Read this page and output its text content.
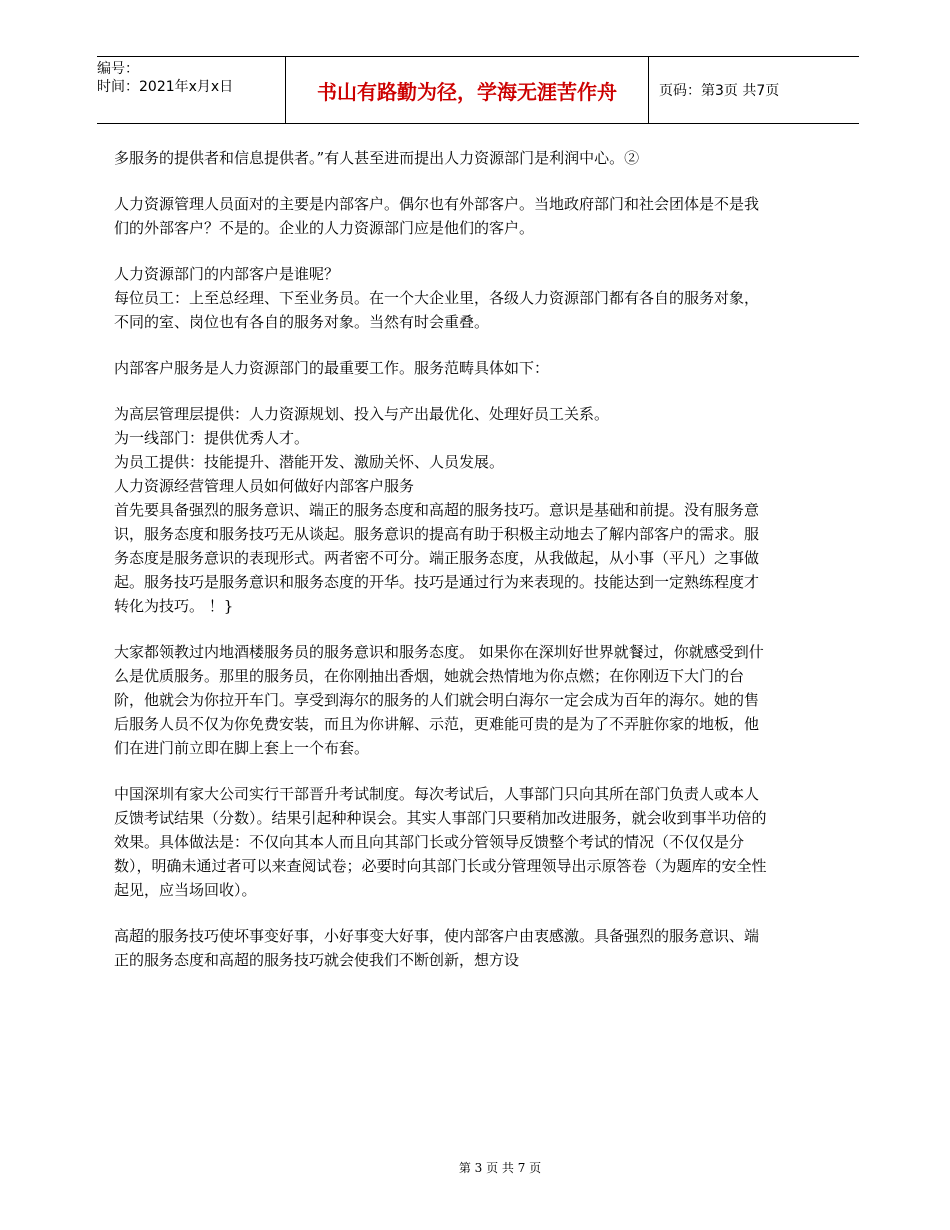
编号：
时间：2021年x月x日	书山有路勤为径，学海无涯苦作舟	页码：第3页 共7页

多服务的提供者和信息提供者。”有人甚至进而提出人力资源部门是利润中心。②

人力资源管理人员面对的主要是内部客户。偶尔也有外部客户。当地政府部门和社会团体是不是我们的外部客户？不是的。企业的人力资源部门应是他们的客户。

人力资源部门的内部客户是谁呢？

每位员工：上至总经理、下至业务员。在一个大企业里，各级人力资源部门都有各自的服务对象，不同的室、岗位也有各自的服务对象。当然有时会重叠。

内部客户服务是人力资源部门的最重要工作。服务范畴具体如下：

为高层管理层提供：人力资源规划、投入与产出最优化、处理好员工关系。

为一线部门：提供优秀人才。

为员工提供：技能提升、潜能开发、激励关怀、人员发展。

人力资源经营管理人员如何做好内部客户服务

首先要具备强烈的服务意识、端正的服务态度和高超的服务技巧。意识是基础和前提。没有服务意识，服务态度和服务技巧无从谈起。服务意识的提高有助于积极主动地去了解内部客户的需求。服务态度是服务意识的表现形式。两者密不可分。端正服务态度，从我做起，从小事（平凡）之事做起。服务技巧是服务意识和服务态度的开华。技巧是通过行为来表现的。技能达到一定熟练程度才转化为技巧。 ！}

大家都领教过内地酒楼服务员的服务意识和服务态度。 如果你在深圳好世界就餐过，你就感受到什么是优质服务。那里的服务员，在你刚抽出香烟，她就会热情地为你点燃；在你刚迈下大门的台阶，他就会为你拉开车门。享受到海尔的服务的人们就会明白海尔一定会成为百年的海尔。她的售后服务人员不仅为你免费安装，而且为你讲解、示范，更难能可贵的是为了不弄脏你家的地板，他们在进门前立即在脚上套上一个布套。

中国深圳有家大公司实行干部晋升考试制度。每次考试后，人事部门只向其所在部门负责人或本人反馈考试结果（分数）。结果引起种种误会。其实人事部门只要稍加改进服务，就会收到事半功倍的效果。具体做法是：不仅向其本人而且向其部门长或分管领导反馈整个考试的情况（不仅仅是分数），明确未通过者可以来查阅试卷；必要时向其部门长或分管理领导出示原答卷（为题库的安全性起见，应当场回收）。

高超的服务技巧使坏事变好事，小好事变大好事，使内部客户由衷感激。具备强烈的服务意识、端正的服务态度和高超的服务技巧就会使我们不断创新，想方设

第 3 页 共 7 页
